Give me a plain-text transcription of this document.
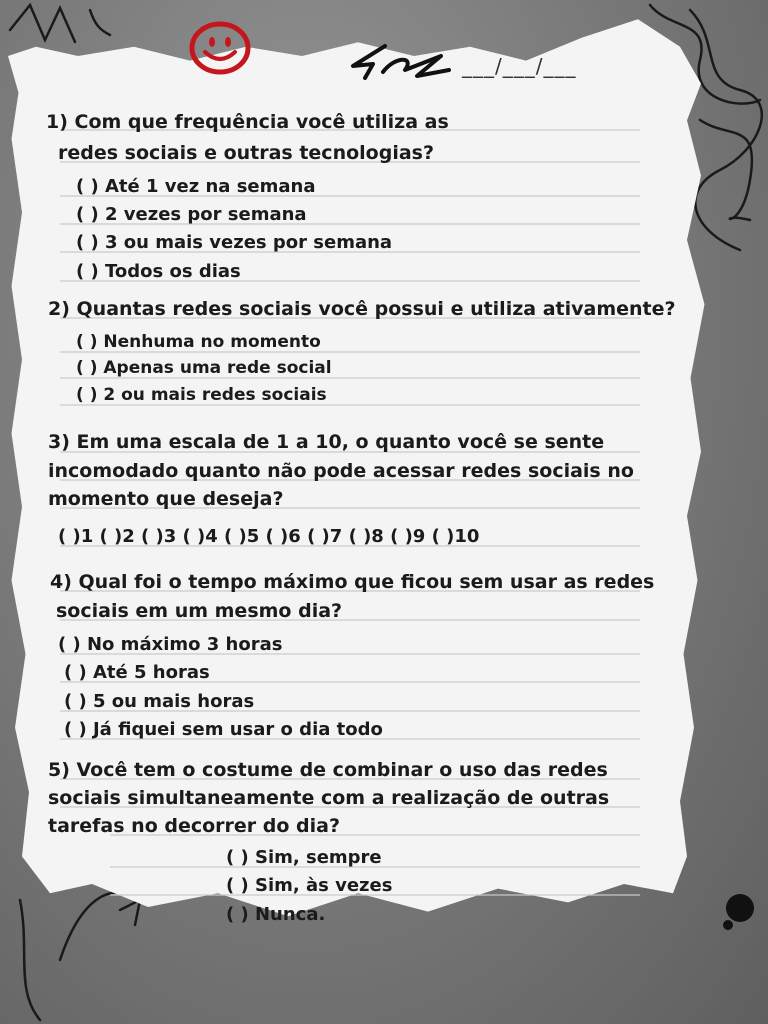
___/___/___
1) Com que frequência você utiliza as
redes sociais e outras tecnologias?
( ) Até 1 vez na semana
( ) 2 vezes por semana
( ) 3 ou mais vezes por semana
( ) Todos os dias
2) Quantas redes sociais você possui e utiliza ativamente?
( ) Nenhuma no momento
( ) Apenas uma rede social
( ) 2 ou mais redes sociais
3) Em uma escala de 1 a 10, o quanto você se sente
incomodado quanto não pode acessar redes sociais no
momento que deseja?
( )1 ( )2 ( )3 ( )4 ( )5 ( )6 ( )7 ( )8 ( )9 ( )10
4) Qual foi o tempo máximo que ficou sem usar as redes
sociais em um mesmo dia?
( ) No máximo 3 horas
( ) Até 5 horas
( ) 5 ou mais horas
( ) Já fiquei sem usar o dia todo
5) Você tem o costume de combinar o uso das redes
sociais simultaneamente com a realização de outras
tarefas no decorrer do dia?
( ) Sim, sempre
( ) Sim, às vezes
( ) Nunca.
